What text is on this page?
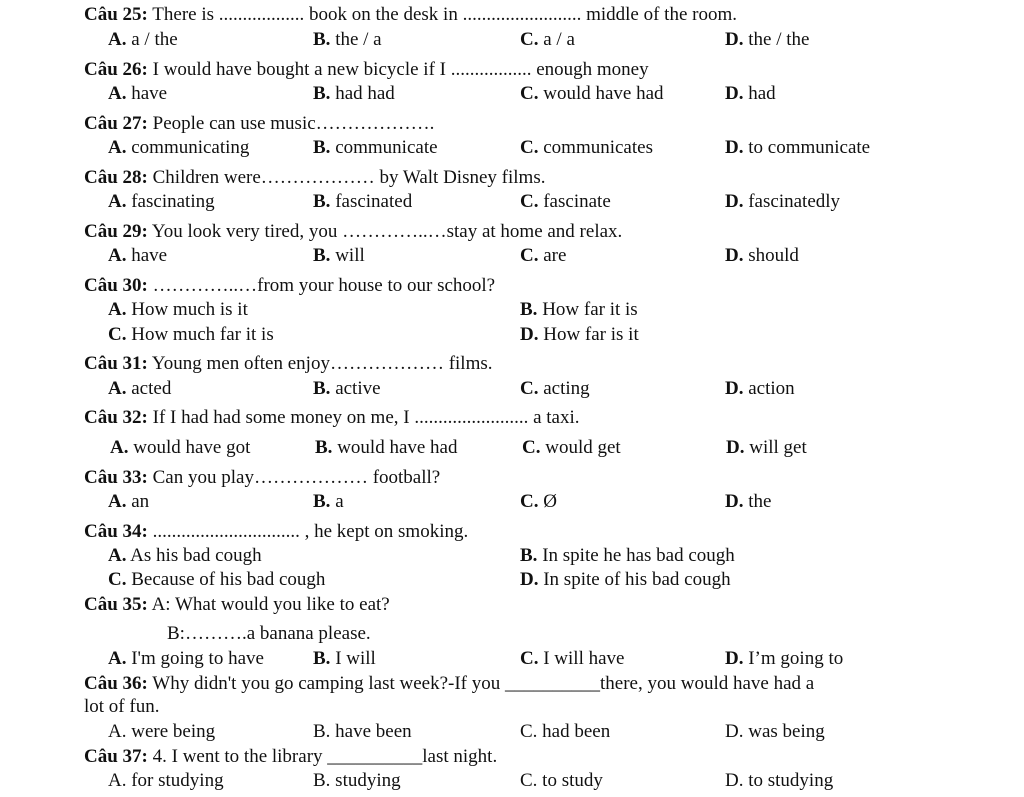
Câu 25: There is .................. book on the desk in ......................... middle of the room.
A. a / the	B. the / a	C. a / a	D. the / the
Câu 26: I would have bought a new bicycle if I ................. enough money
A. have	B. had had	C. would have had	D. had
Câu 27: People can use music……………….
A. communicating	B. communicate	C. communicates	D. to communicate
Câu 28: Children were……………… by Walt Disney films.
A. fascinating	B. fascinated	C. fascinate	D. fascinatedly
Câu 29: You look very tired, you …………..…stay at home and relax.
A. have	B. will	C. are	D. should
Câu 30: …………..…from your house to our school?
A. How much is it	B. How far it is
C. How much far it is	D. How far is it
Câu 31: Young men often enjoy……………… films.
A. acted	B. active	C. acting	D. action
Câu 32: If I had had some money on me, I ........................ a taxi.
A. would have got	B. would have had	C. would get	D. will get
Câu 33: Can you play……………… football?
A. an	B. a	C. Ø	D. the
Câu 34: ............................... , he kept on smoking.
A. As his bad cough	B. In spite he has bad cough
C. Because of his bad cough	D. In spite of his bad cough
Câu 35: A: What would you like to eat?
B:……….a banana please.
A. I'm going to have	B. I will	C. I will have	D. I’m going to
Câu 36: Why didn't you go camping last week?-If you __________there, you would have had a
lot of fun.
A. were being	B. have been	C. had been	D. was being
Câu 37: 4. I went to the library __________last night.
A. for studying	B. studying	C. to study	D. to studying
